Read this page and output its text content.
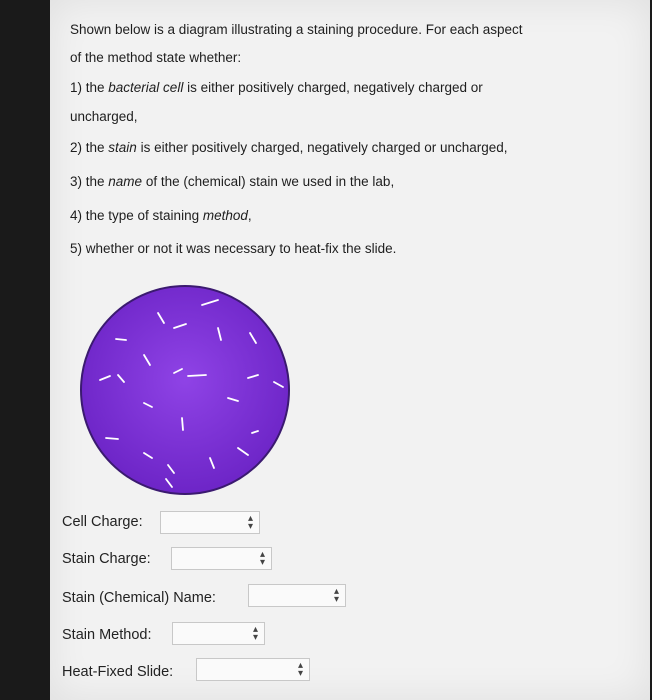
Shown below is a diagram illustrating a staining procedure. For each aspect
of the method state whether:
1) the bacterial cell is either positively charged, negatively charged or
uncharged,
2) the stain is either positively charged, negatively charged or uncharged,
3) the name of the (chemical) stain we used in the lab,
4) the type of staining method,
5) whether or not it was necessary to heat-fix the slide.
Cell Charge:	▴
▾
Stain Charge:	▴
▾
Stain (Chemical) Name:	▴
▾
Stain Method:	▴
▾
Heat-Fixed Slide:	▴
▾
